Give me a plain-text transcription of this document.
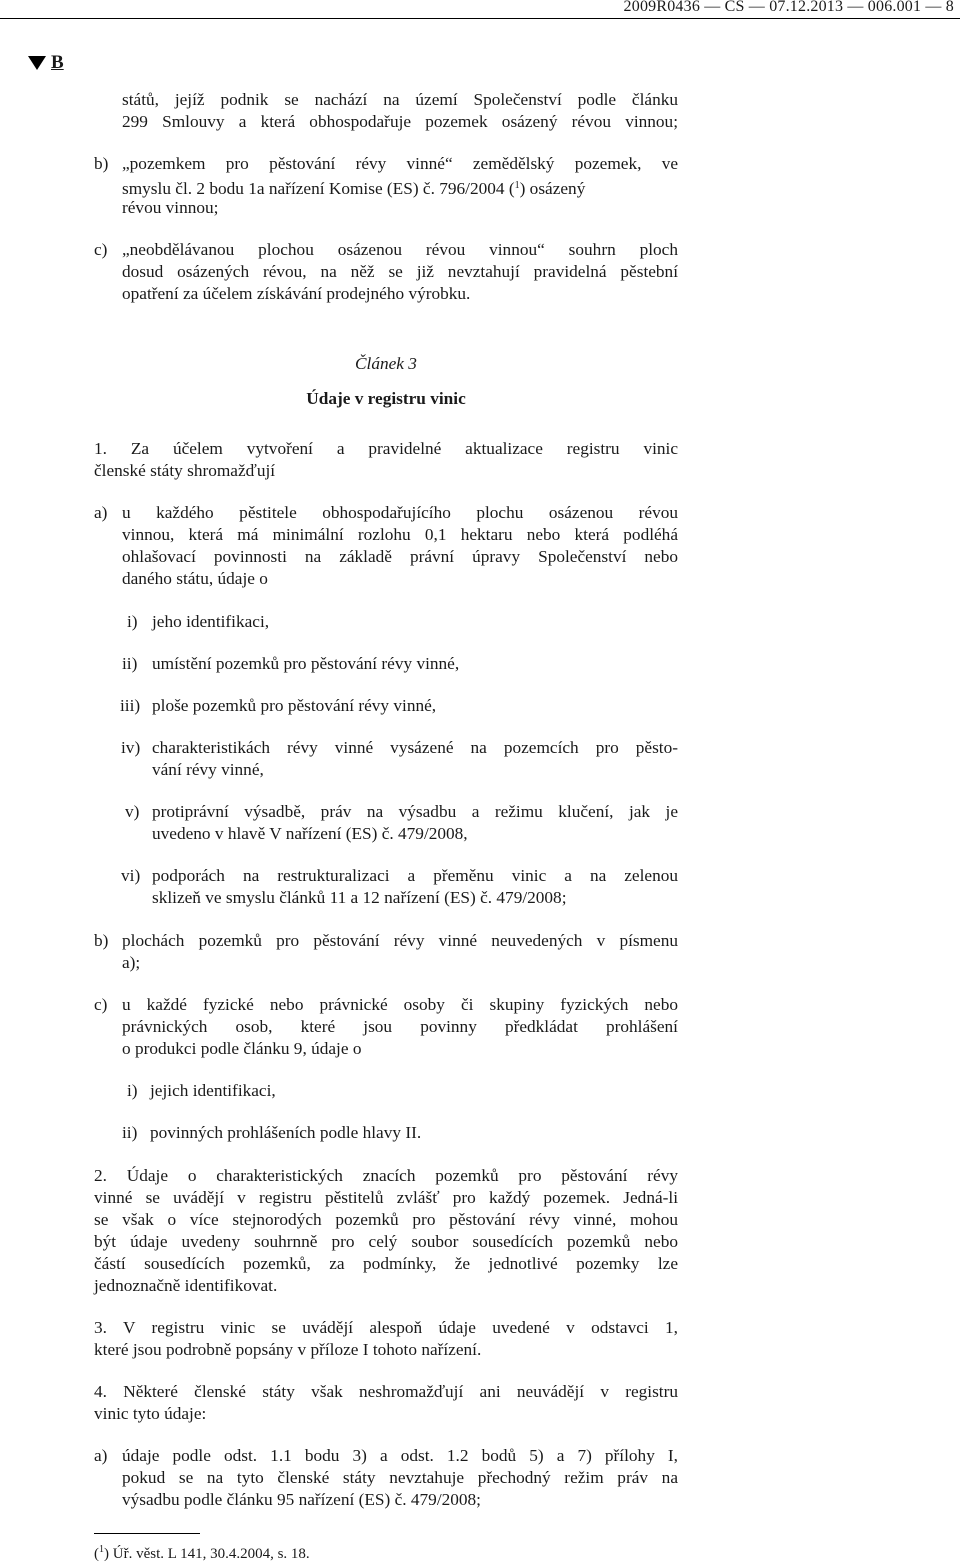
2009R0436 — CS — 07.12.2013 — 006.001 — 8
B
států, jejíž podnik se nachází na území Společenství podle článku
299 Smlouvy a která obhospodařuje pozemek osázený révou vinnou;
b) „pozemkem pro pěstování révy vinné“ zemědělský pozemek, ve
smyslu čl. 2 bodu 1a nařízení Komise (ES) č. 796/2004 ($^1$) osázený
révou vinnou;
c) „neobdělávanou plochou osázenou révou vinnou“ souhrn ploch
dosud osázených révou, na něž se již nevztahují pravidelná pěstební
opatření za účelem získávání prodejného výrobku.
Článek 3
Údaje v registru vinic
1. Za účelem vytvoření a pravidelné aktualizace registru vinic
členské státy shromažďují
a) u každého pěstitele obhospodařujícího plochu osázenou révou
vinnou, která má minimální rozlohu 0,1 hektaru nebo která podléhá
ohlašovací povinnosti na základě právní úpravy Společenství nebo
daného státu, údaje o
i) jeho identifikaci,
ii) umístění pozemků pro pěstování révy vinné,
iii) ploše pozemků pro pěstování révy vinné,
iv) charakteristikách révy vinné vysázené na pozemcích pro pěsto-
vání révy vinné,
v) protiprávní výsadbě, práv na výsadbu a režimu klučení, jak je
uvedeno v hlavě V nařízení (ES) č. 479/2008,
vi) podporách na restrukturalizaci a přeměnu vinic a na zelenou
sklizeň ve smyslu článků 11 a 12 nařízení (ES) č. 479/2008;
b) plochách pozemků pro pěstování révy vinné neuvedených v písmenu
a);
c) u každé fyzické nebo právnické osoby či skupiny fyzických nebo
právnických osob, které jsou povinny předkládat prohlášení
o produkci podle článku 9, údaje o
i) jejich identifikaci,
ii) povinných prohlášeních podle hlavy II.
2. Údaje o charakteristických znacích pozemků pro pěstování révy
vinné se uvádějí v registru pěstitelů zvlášť pro každý pozemek. Jedná-li
se však o více stejnorodých pozemků pro pěstování révy vinné, mohou
být údaje uvedeny souhrnně pro celý soubor sousedících pozemků nebo
částí sousedících pozemků, za podmínky, že jednotlivé pozemky lze
jednoznačně identifikovat.
3. V registru vinic se uvádějí alespoň údaje uvedené v odstavci 1,
které jsou podrobně popsány v příloze I tohoto nařízení.
4. Některé členské státy však neshromažďují ani neuvádějí v registru
vinic tyto údaje:
a) údaje podle odst. 1.1 bodu 3) a odst. 1.2 bodů 5) a 7) přílohy I,
pokud se na tyto členské státy nevztahuje přechodný režim práv na
výsadbu podle článku 95 nařízení (ES) č. 479/2008;
($^1$) Úř. věst. L 141, 30.4.2004, s. 18.
